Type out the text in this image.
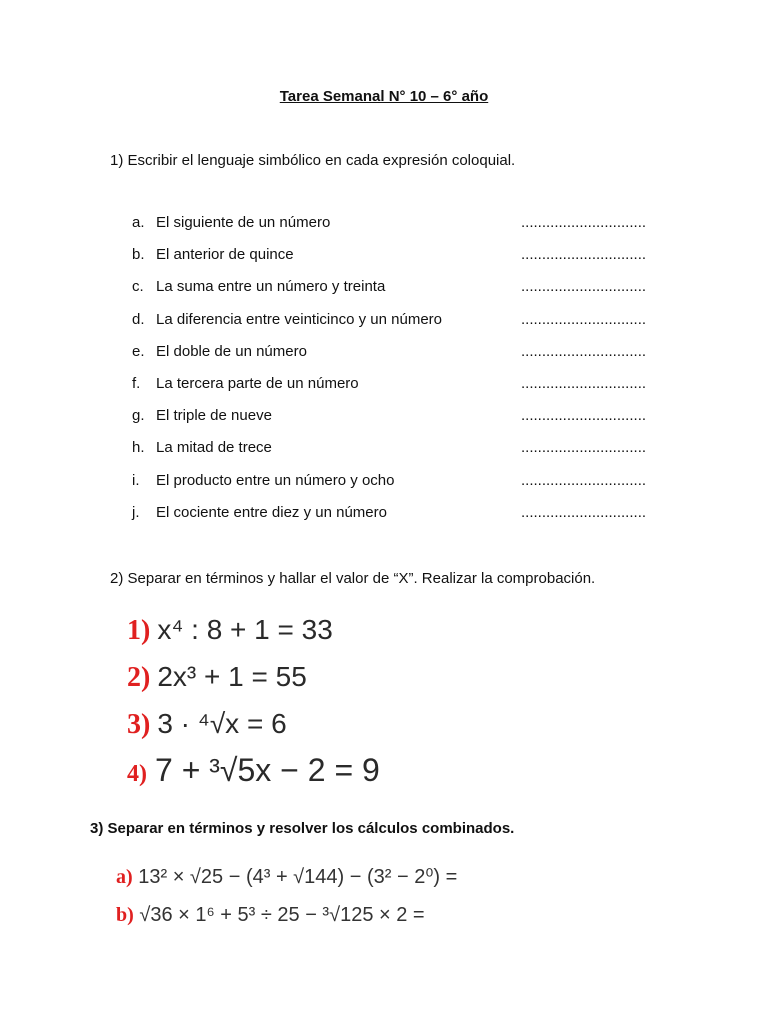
Tarea Semanal N° 10 – 6° año
1) Escribir el lenguaje simbólico en cada expresión coloquial.
a. El siguiente de un número	..............................
b. El anterior de quince	..............................
c. La suma entre un número y treinta	..............................
d. La diferencia entre veinticinco y un número	..............................
e. El doble de un número	..............................
f.	La tercera parte de un número	..............................
g. El triple de nueve	..............................
h. La mitad de trece	..............................
i.	El producto entre un número y ocho	..............................
j.	El cociente entre diez y un número	..............................
2) Separar en términos y hallar el valor de “X”. Realizar la comprobación.
1) x⁴ : 8 + 1 = 33
2) 2x³ + 1 = 55
3) 3 · ⁴√x = 6
4) 7 + ³√5x − 2 = 9
3) Separar en términos y resolver los cálculos combinados.
a) 13² × √25 − (4³ + √144) − (3² − 2⁰) =
b) √36 × 1⁶ + 5³ ÷ 25 − ³√125 × 2 =
